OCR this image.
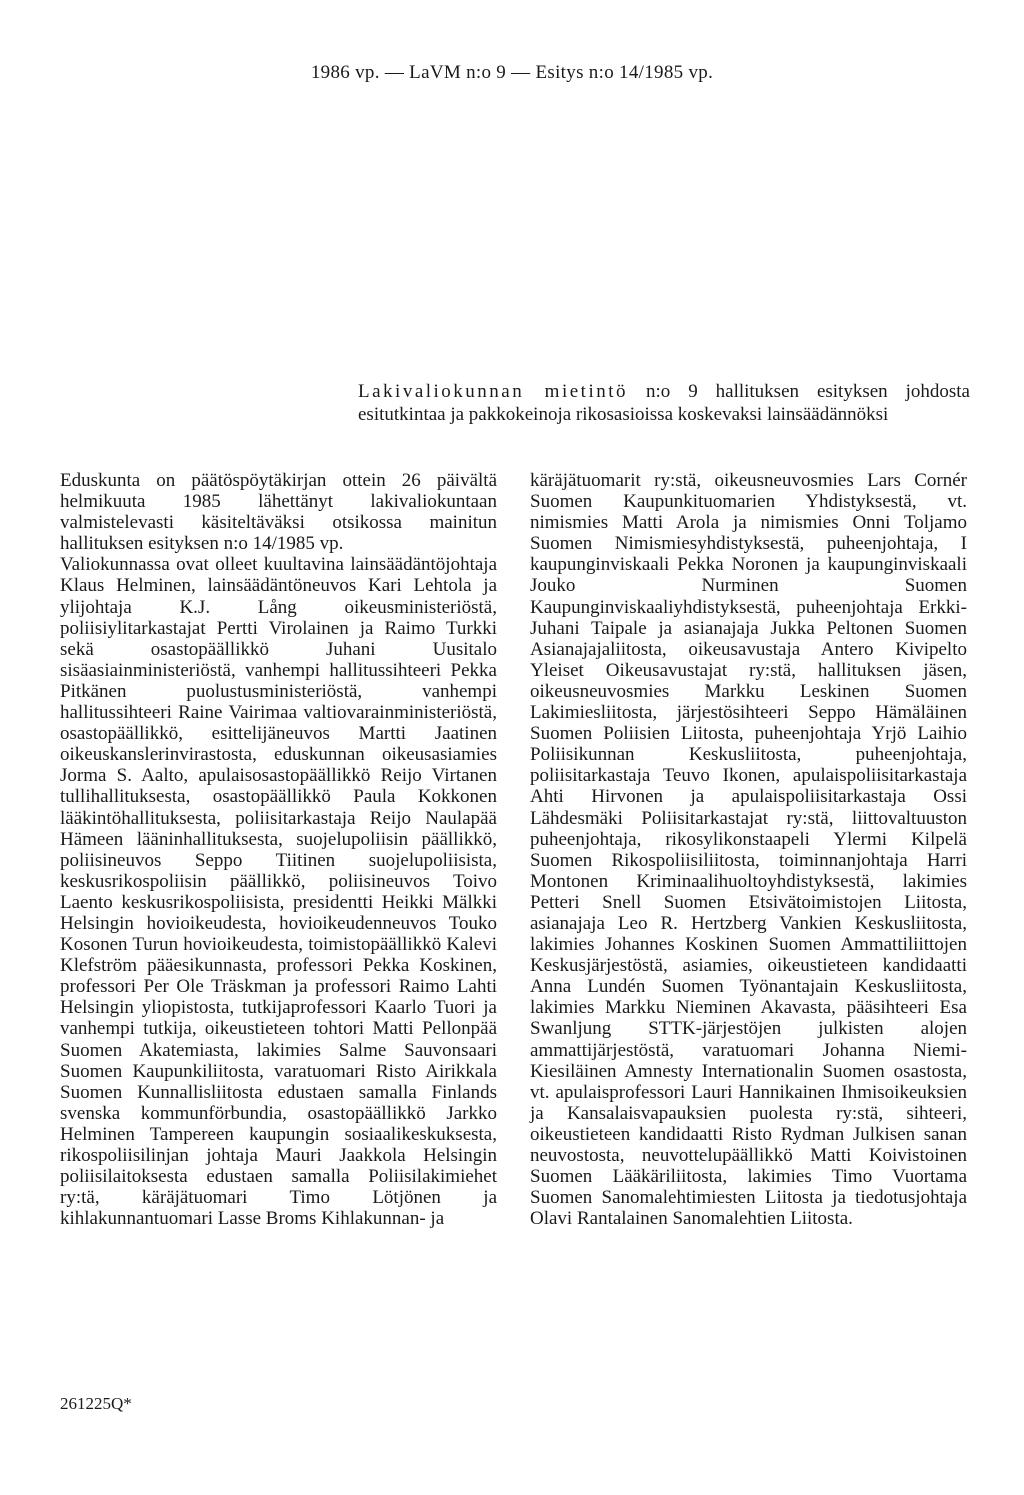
1986 vp. — LaVM n:o 9 — Esitys n:o 14/1985 vp.
Lakivaliokunnan mietintö n:o 9 hallituksen esityksen johdosta esitutkintaa ja pakkokeinoja rikosasioissa koskevaksi lainsäädännöksi

Eduskunta on päätöspöytäkirjan ottein 26 päivältä helmikuuta 1985 lähettänyt lakivaliokuntaan valmistelevasti käsiteltäväksi otsikossa mainitun hallituksen esityksen n:o 14/1985 vp.

Valiokunnassa ovat olleet kuultavina lainsäädäntöjohtaja Klaus Helminen, lainsäädäntöneuvos Kari Lehtola ja ylijohtaja K.J. Lång oikeusministeriöstä, poliisiylitarkastajat Pertti Virolainen ja Raimo Turkki sekä osastopäällikkö Juhani Uusitalo sisäasiainministeriöstä, vanhempi hallitussihteeri Pekka Pitkänen puolustusministeriöstä, vanhempi hallitussihteeri Raine Vairimaa valtiovarainministeriöstä, osastopäällikkö, esittelijäneuvos Martti Jaatinen oikeuskanslerinvirastosta, eduskunnan oikeusasiamies Jorma S. Aalto, apulaisosastopäällikkö Reijo Virtanen tullihallituksesta, osastopäällikkö Paula Kokkonen lääkintöhallituksesta, poliisitarkastaja Reijo Naulapää Hämeen lääninhallituksesta, suojelupoliisin päällikkö, poliisineuvos Seppo Tiitinen suojelupoliisista, keskusrikospoliisin päällikkö, poliisineuvos Toivo Laento keskusrikospoliisista, presidentti Heikki Mälkki Helsingin hovioikeudesta, hovioikeudenneuvos Touko Kosonen Turun hovioikeudesta, toimistopäällikkö Kalevi Klefström pääesikunnasta, professori Pekka Koskinen, professori Per Ole Träskman ja professori Raimo Lahti Helsingin yliopistosta, tutkijaprofessori Kaarlo Tuori ja vanhempi tutkija, oikeustieteen tohtori Matti Pellonpää Suomen Akatemiasta, lakimies Salme Sauvonsaari Suomen Kaupunkiliitosta, varatuomari Risto Airikkala Suomen Kunnallisliitosta edustaen samalla Finlands svenska kommunförbundia, osastopäällikkö Jarkko Helminen Tampereen kaupungin sosiaalikeskuksesta, rikospoliisilinjan johtaja Mauri Jaakkola Helsingin poliisilaitoksesta edustaen samalla Poliisilakimiehet ry:tä, käräjätuomari Timo Lötjönen ja kihlakunnantuomari Lasse Broms Kihlakunnan- ja

käräjätuomarit ry:stä, oikeusneuvosmies Lars Cornér Suomen Kaupunkituomarien Yhdistyksestä, vt. nimismies Matti Arola ja nimismies Onni Toljamo Suomen Nimismiesyhdistyksestä, puheenjohtaja, I kaupunginviskaali Pekka Noronen ja kaupunginviskaali Jouko Nurminen Suomen Kaupunginviskaaliyhdistyksestä, puheenjohtaja Erkki-Juhani Taipale ja asianajaja Jukka Peltonen Suomen Asianajajaliitosta, oikeusavustaja Antero Kivipelto Yleiset Oikeusavustajat ry:stä, hallituksen jäsen, oikeusneuvosmies Markku Leskinen Suomen Lakimiesliitosta, järjestösihteeri Seppo Hämäläinen Suomen Poliisien Liitosta, puheenjohtaja Yrjö Laihio Poliisikunnan Keskusliitosta, puheenjohtaja, poliisitarkastaja Teuvo Ikonen, apulaispoliisitarkastaja Ahti Hirvonen ja apulaispoliisitarkastaja Ossi Lähdesmäki Poliisitarkastajat ry:stä, liittovaltuuston puheenjohtaja, rikosylikonstaapeli Ylermi Kilpelä Suomen Rikospoliisiliitosta, toiminnanjohtaja Harri Montonen Kriminaalihuoltoyhdistyksestä, lakimies Petteri Snell Suomen Etsivätoimistojen Liitosta, asianajaja Leo R. Hertzberg Vankien Keskusliitosta, lakimies Johannes Koskinen Suomen Ammattiliittojen Keskusjärjestöstä, asiamies, oikeustieteen kandidaatti Anna Lundén Suomen Työnantajain Keskusliitosta, lakimies Markku Nieminen Akavasta, pääsihteeri Esa Swanljung STTK-järjestöjen julkisten alojen ammattijärjestöstä, varatuomari Johanna Niemi-Kiesiläinen Amnesty Internationalin Suomen osastosta, vt. apulaisprofessori Lauri Hannikainen Ihmisoikeuksien ja Kansalaisvapauksien puolesta ry:stä, sihteeri, oikeustieteen kandidaatti Risto Rydman Julkisen sanan neuvostosta, neuvottelupäällikkö Matti Koivistoinen Suomen Lääkäriliitosta, lakimies Timo Vuortama Suomen Sanomalehtimiesten Liitosta ja tiedotusjohtaja Olavi Rantalainen Sanomalehtien Liitosta.

261225Q*
